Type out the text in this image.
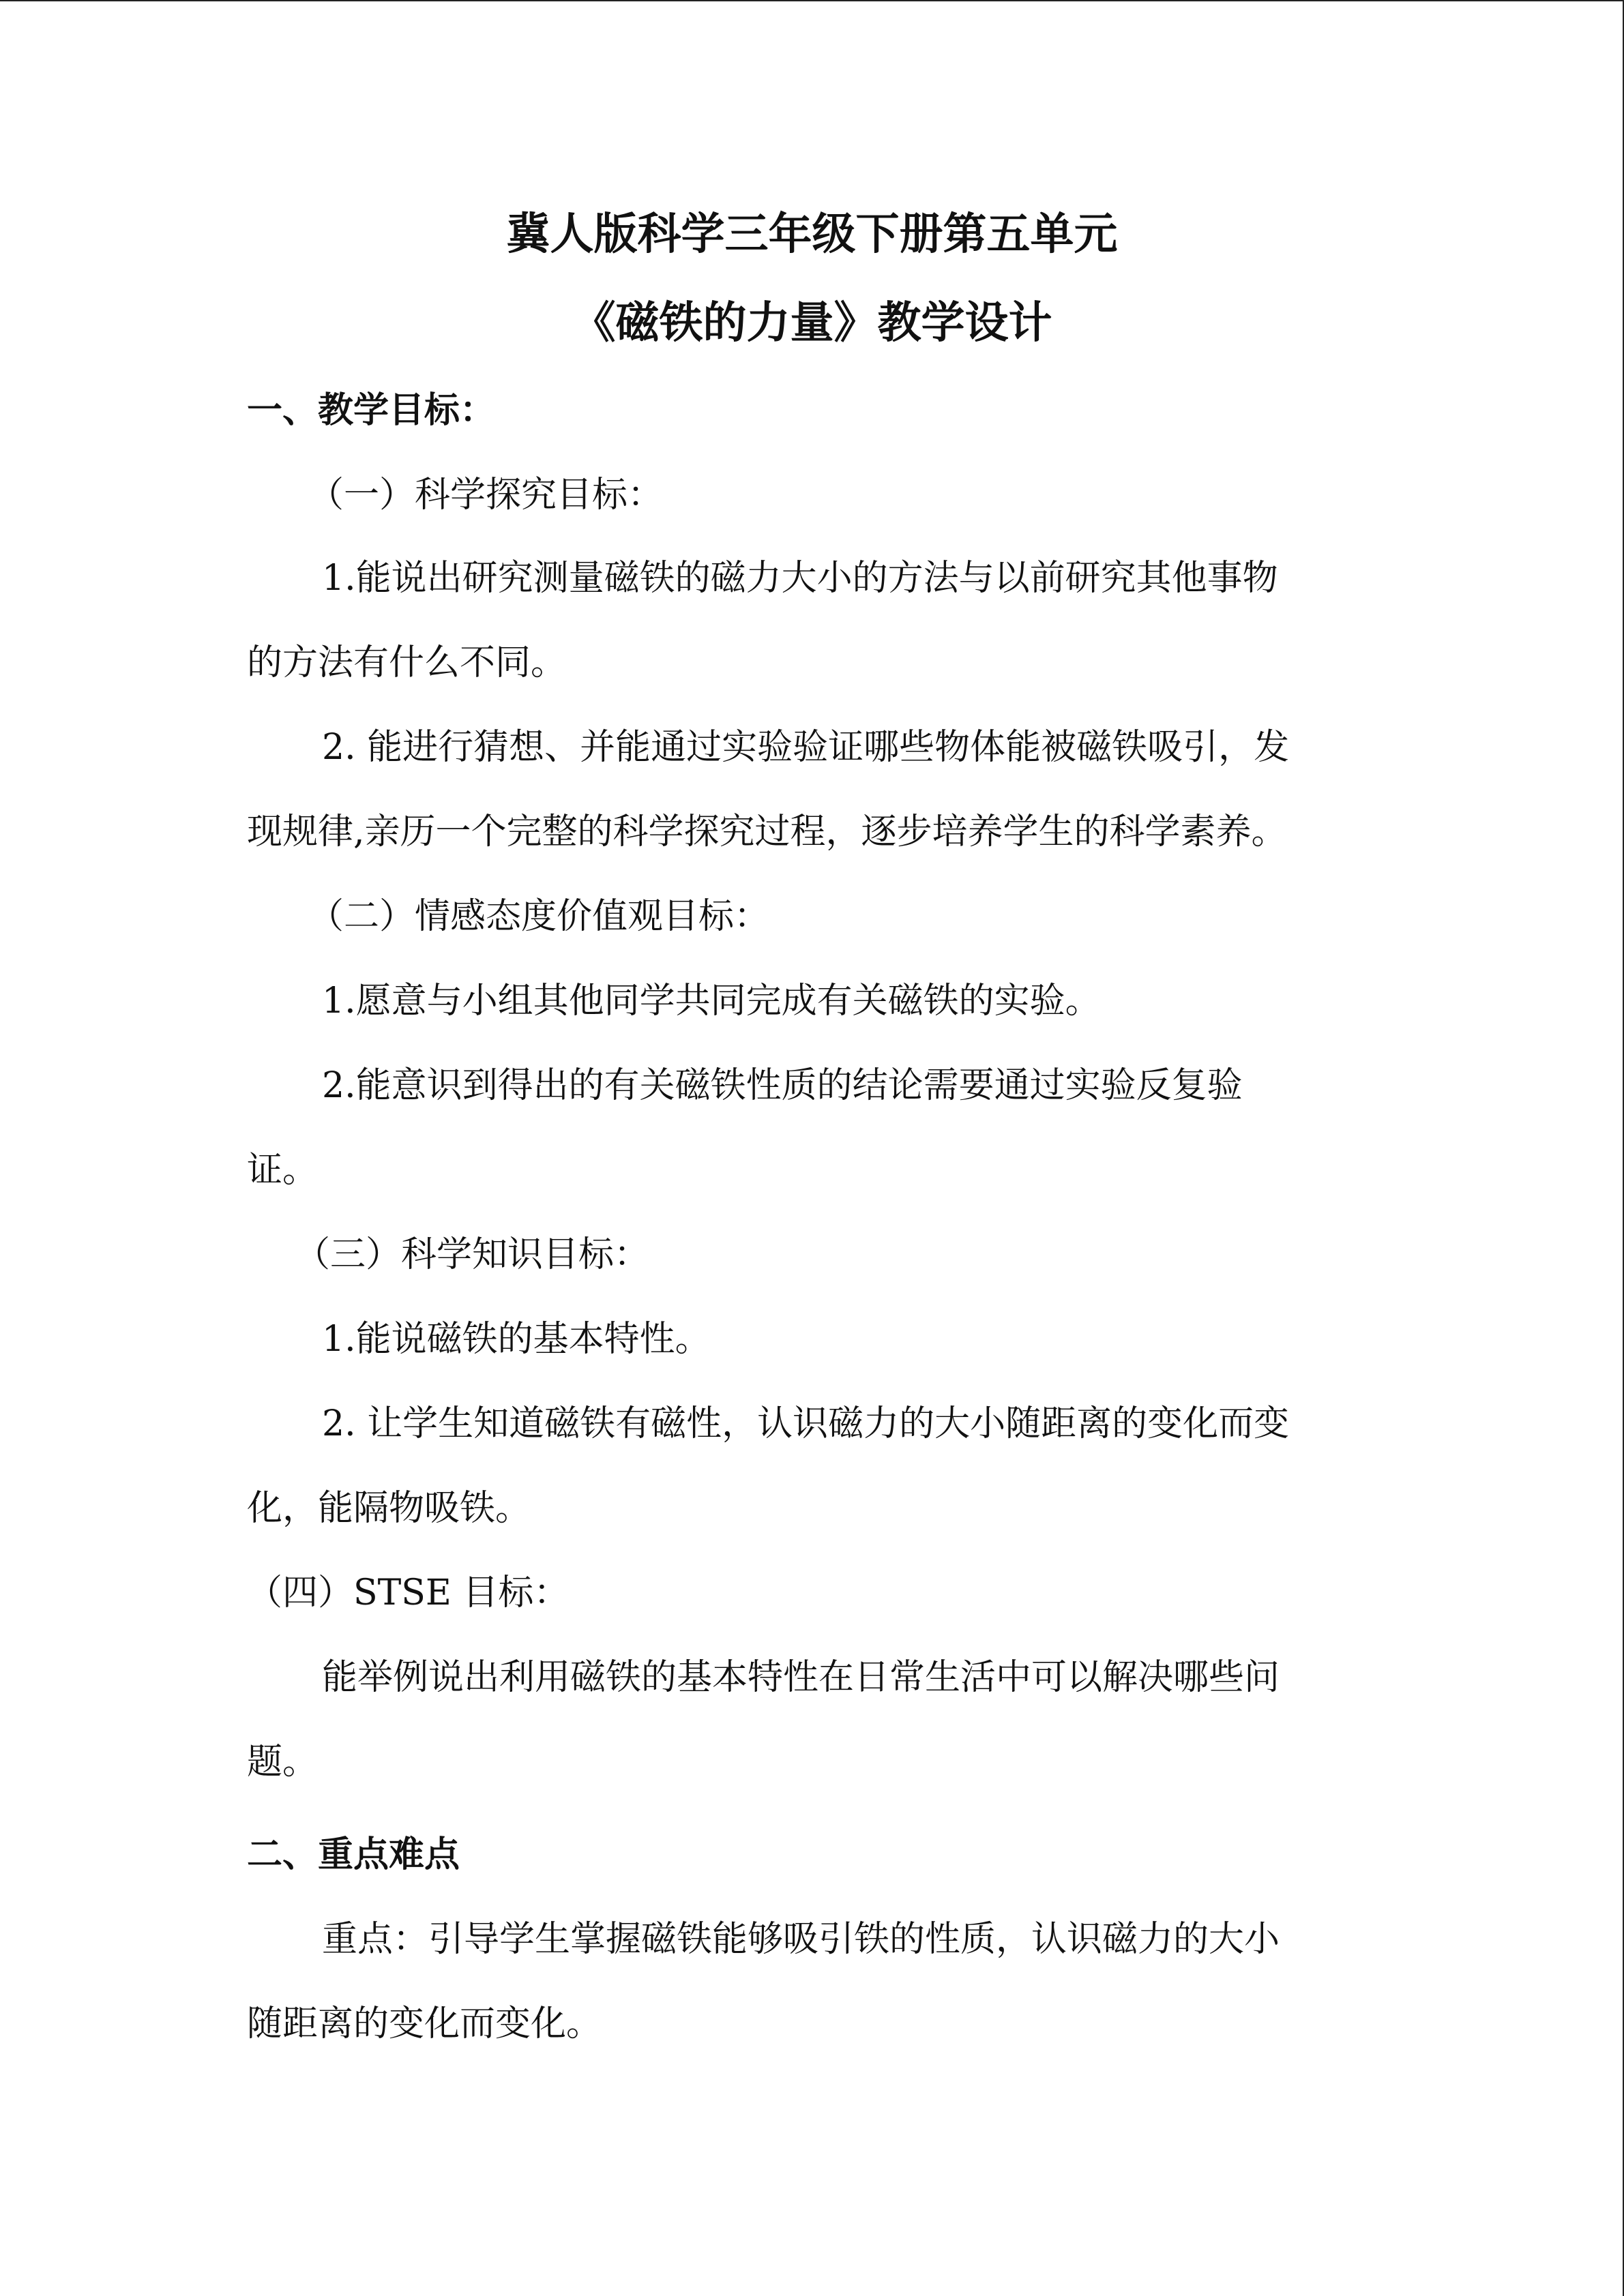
冀人版科学三年级下册第五单元
《磁铁的力量》教学设计
一、教学目标：
（一）科学探究目标：
1.能说出研究测量磁铁的磁力大小的方法与以前研究其他事物
的方法有什么不同。
2. 能进行猜想、并能通过实验验证哪些物体能被磁铁吸引，发
现规律,亲历一个完整的科学探究过程，逐步培养学生的科学素养。
（二）情感态度价值观目标：
1.愿意与小组其他同学共同完成有关磁铁的实验。
2.能意识到得出的有关磁铁性质的结论需要通过实验反复验
证。
（三）科学知识目标：
1.能说磁铁的基本特性。
2. 让学生知道磁铁有磁性，认识磁力的大小随距离的变化而变
化，能隔物吸铁。
（四）STSE 目标：
能举例说出利用磁铁的基本特性在日常生活中可以解决哪些问
题。
二、重点难点
重点：引导学生掌握磁铁能够吸引铁的性质，认识磁力的大小
随距离的变化而变化。
